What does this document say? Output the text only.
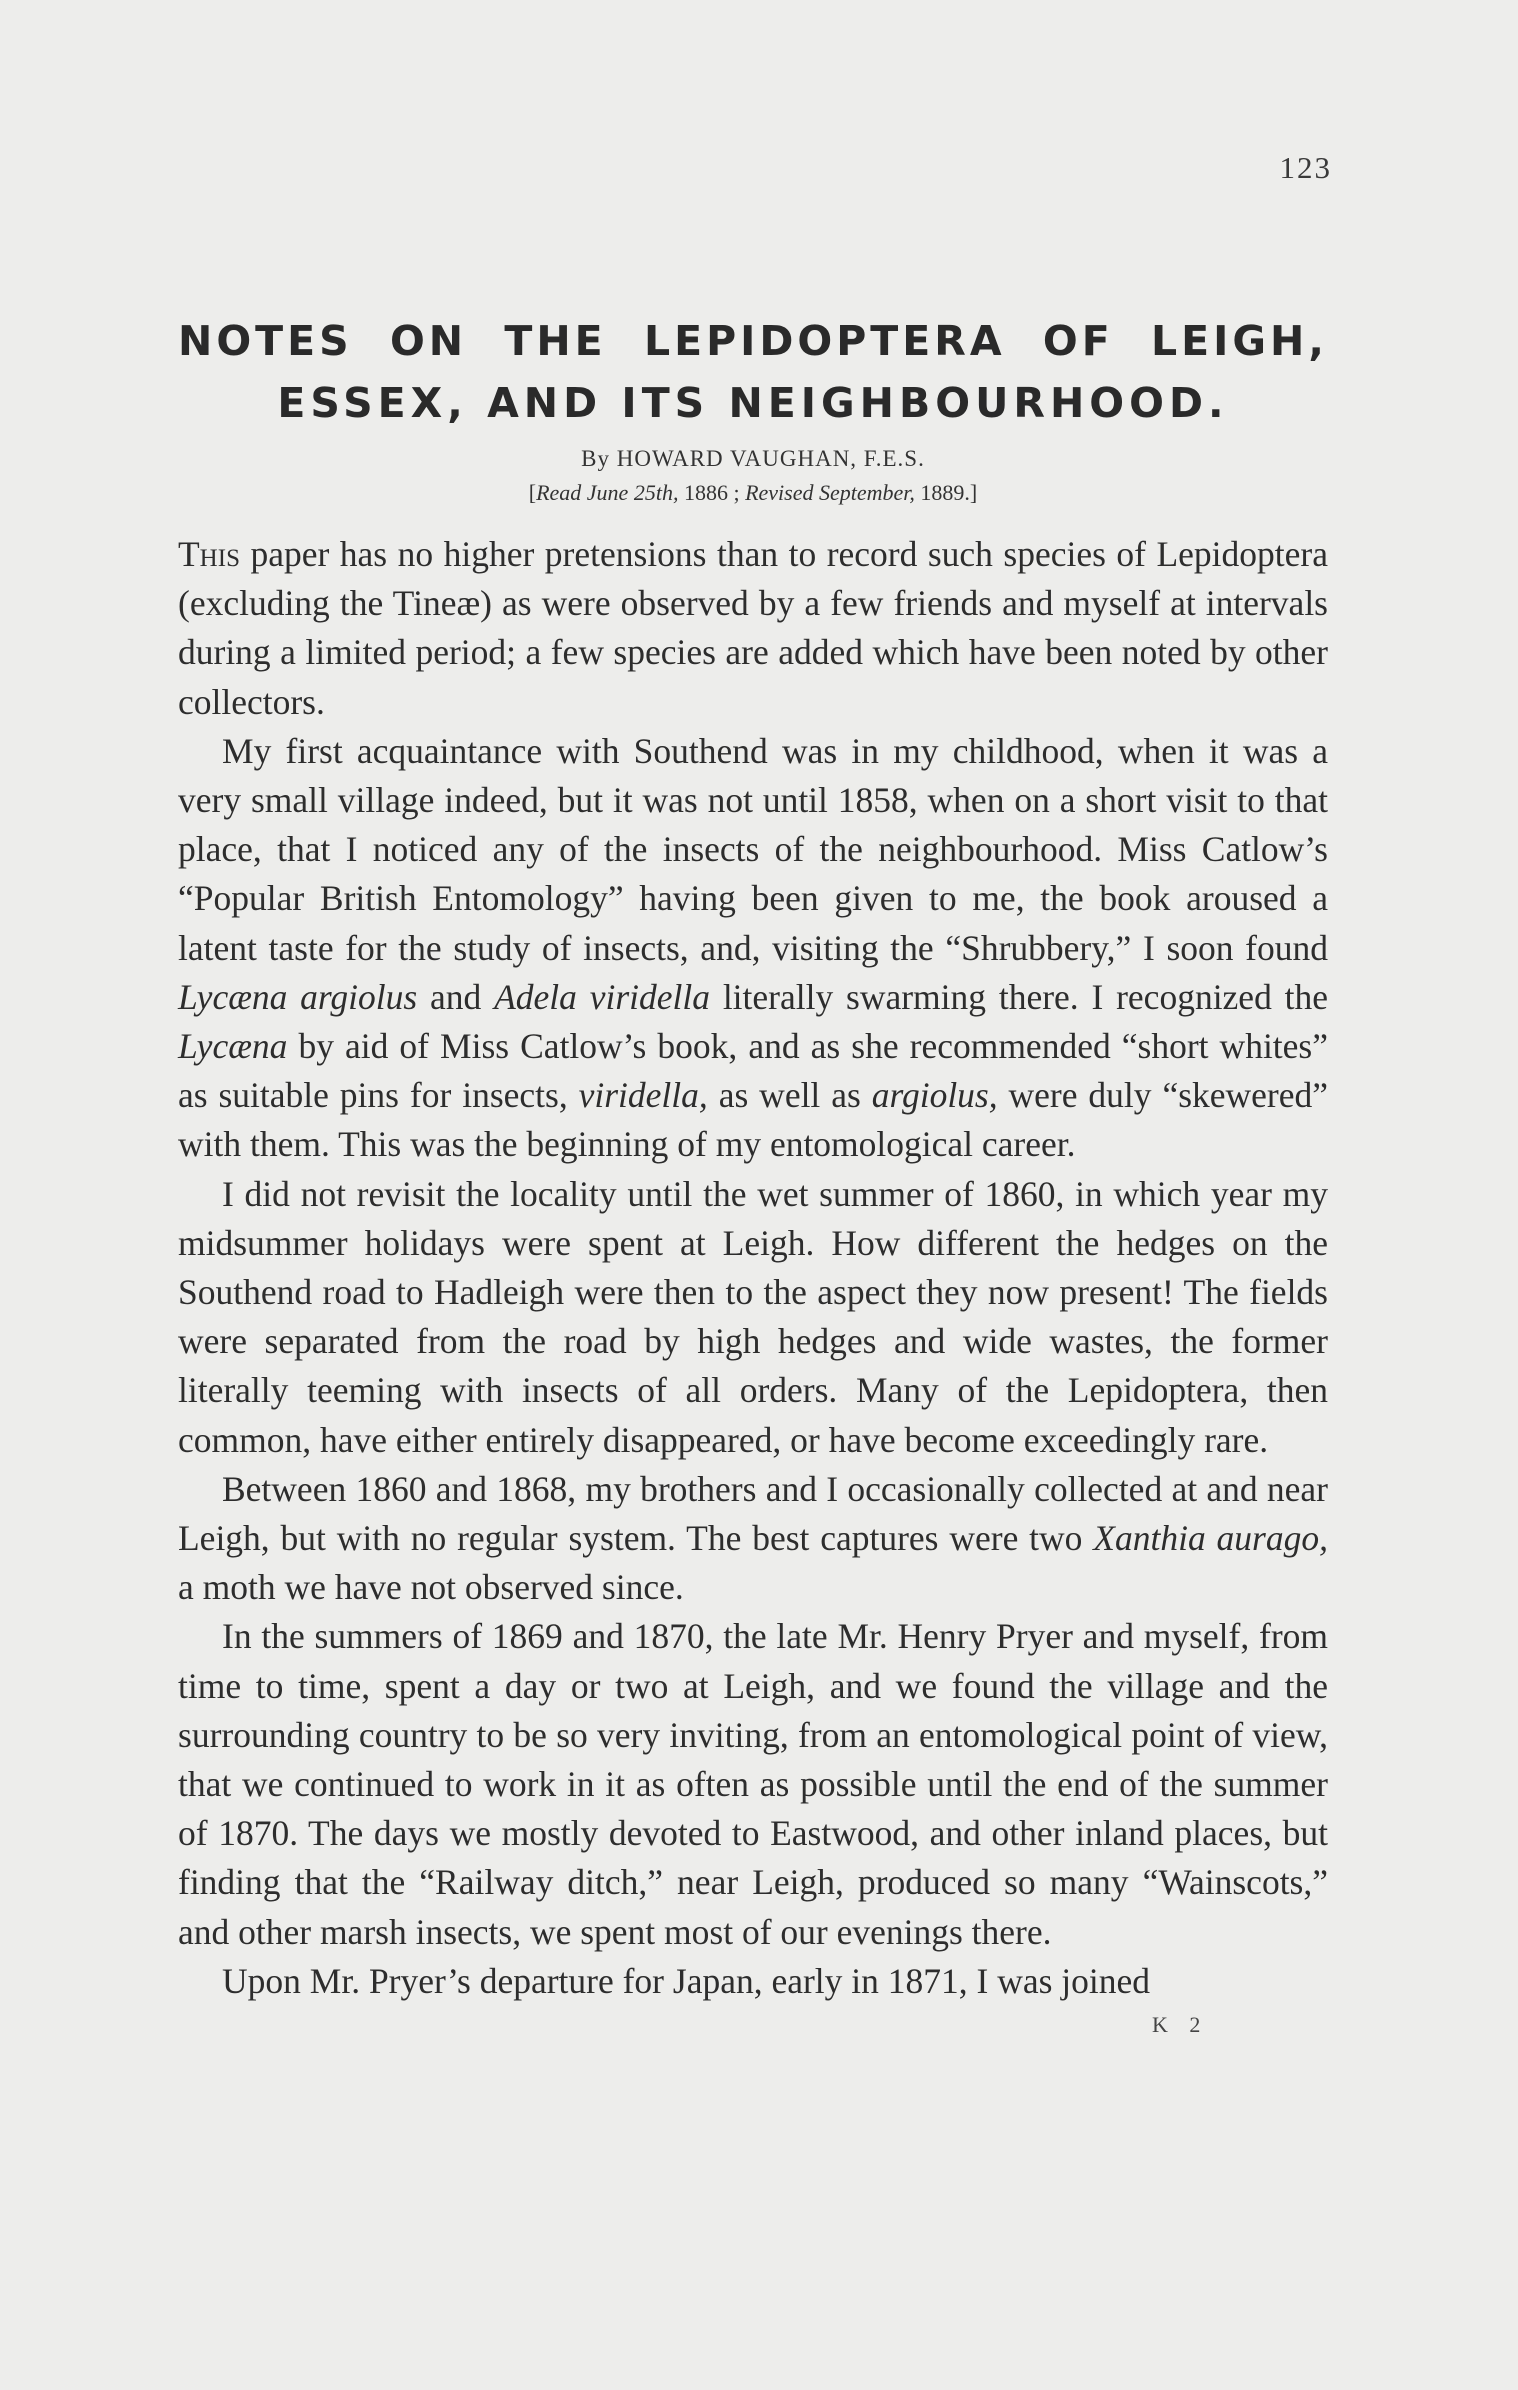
123
NOTES ON THE LEPIDOPTERA OF LEIGH,
ESSEX, AND ITS NEIGHBOURHOOD.
By HOWARD VAUGHAN, F.E.S.
[Read June 25th, 1886 ; Revised September, 1889.]

This paper has no higher pretensions than to record such species of Lepidoptera (excluding the Tineæ) as were observed by a few friends and myself at intervals during a limited period; a few species are added which have been noted by other collectors.

My first acquaintance with Southend was in my childhood, when it was a very small village indeed, but it was not until 1858, when on a short visit to that place, that I noticed any of the insects of the neighbourhood. Miss Catlow’s “Popular British Entomology” having been given to me, the book aroused a latent taste for the study of insects, and, visiting the “Shrubbery,” I soon found Lycæna argiolus and Adela viridella literally swarming there. I recognized the Lycæna by aid of Miss Catlow’s book, and as she recommended “short whites” as suitable pins for insects, viridella, as well as argiolus, were duly “skewered” with them. This was the beginning of my entomological career.

I did not revisit the locality until the wet summer of 1860, in which year my midsummer holidays were spent at Leigh. How different the hedges on the Southend road to Hadleigh were then to the aspect they now present! The fields were separated from the road by high hedges and wide wastes, the former literally teeming with insects of all orders. Many of the Lepidoptera, then common, have either entirely disappeared, or have become exceedingly rare.

Between 1860 and 1868, my brothers and I occasionally collected at and near Leigh, but with no regular system. The best captures were two Xanthia aurago, a moth we have not observed since.

In the summers of 1869 and 1870, the late Mr. Henry Pryer and myself, from time to time, spent a day or two at Leigh, and we found the village and the surrounding country to be so very inviting, from an entomological point of view, that we continued to work in it as often as possible until the end of the summer of 1870. The days we mostly devoted to Eastwood, and other inland places, but finding that the “Railway ditch,” near Leigh, produced so many “Wainscots,” and other marsh insects, we spent most of our evenings there.

Upon Mr. Pryer’s departure for Japan, early in 1871, I was joined

K 2
